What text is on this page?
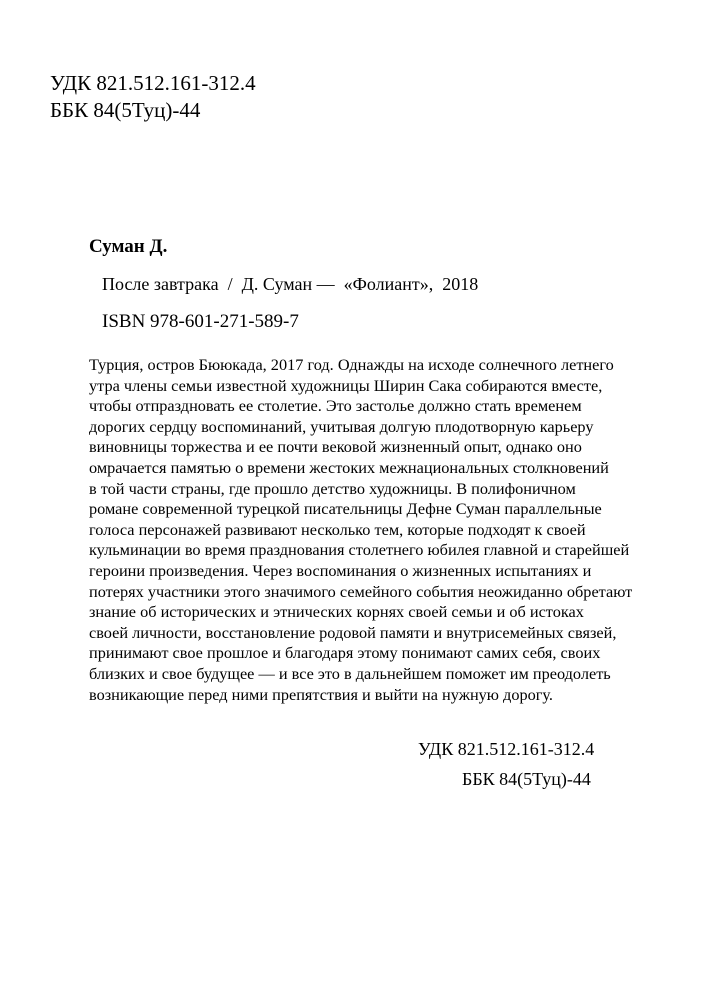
УДК 821.512.161-312.4
ББК 84(5Туц)-44
Суман Д.
После завтрака / Д. Суман — «Фолиант», 2018
ISBN 978-601-271-589-7
Турция, остров Бююкада, 2017 год. Однажды на исходе солнечного летнего
утра члены семьи известной художницы Ширин Сака собираются вместе,
чтобы отпраздновать ее столетие. Это застолье должно стать временем
дорогих сердцу воспоминаний, учитывая долгую плодотворную карьеру
виновницы торжества и ее почти вековой жизненный опыт, однако оно
омрачается памятью о времени жестоких межнациональных столкновений
в той части страны, где прошло детство художницы. В полифоничном
романе современной турецкой писательницы Дефне Суман параллельные
голоса персонажей развивают несколько тем, которые подходят к своей
кульминации во время празднования столетнего юбилея главной и старейшей
героини произведения. Через воспоминания о жизненных испытаниях и
потерях участники этого значимого семейного события неожиданно обретают
знание об исторических и этнических корнях своей семьи и об истоках
своей личности, восстановление родовой памяти и внутрисемейных связей,
принимают свое прошлое и благодаря этому понимают самих себя, своих
близких и свое будущее — и все это в дальнейшем поможет им преодолеть
возникающие перед ними препятствия и выйти на нужную дорогу.
УДК 821.512.161-312.4
ББК 84(5Туц)-44
